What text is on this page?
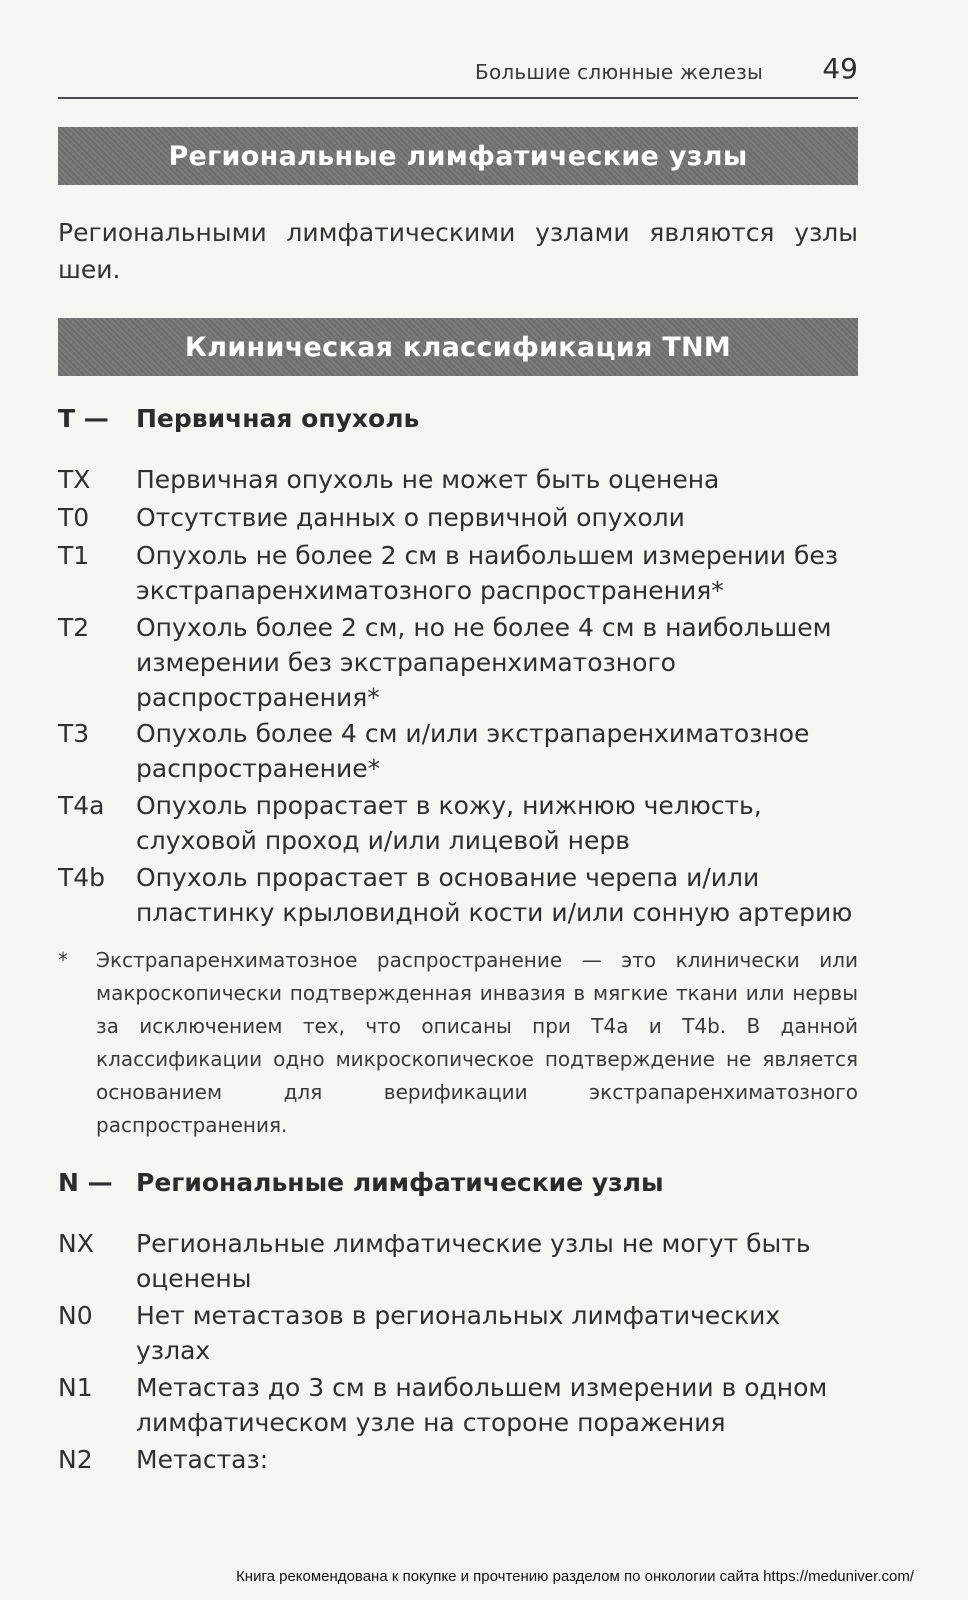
Большие слюнные железы 49
Региональные лимфатические узлы
Региональными лимфатическими узлами являются узлы шеи.
Клиническая классификация TNM
T — Первичная опухоль
TX Первичная опухоль не может быть оценена
T0 Отсутствие данных о первичной опухоли
T1 Опухоль не более 2 см в наибольшем измерении без экстрапаренхиматозного распространения*
T2 Опухоль более 2 см, но не более 4 см в наибольшем измерении без экстрапаренхиматозного распространения*
T3 Опухоль более 4 см и/или экстрапаренхиматозное распространение*
T4a Опухоль прорастает в кожу, нижнюю челюсть, слуховой проход и/или лицевой нерв
T4b Опухоль прорастает в основание черепа и/или пластинку крыловидной кости и/или сонную артерию
* Экстрапаренхиматозное распространение — это клинически или макроскопически подтвержденная инвазия в мягкие ткани или нервы за исключением тех, что описаны при T4a и T4b. В данной классификации одно микроскопическое подтверждение не является основанием для верификации экстрапаренхиматозного распространения.
N — Региональные лимфатические узлы
NX Региональные лимфатические узлы не могут быть оценены
N0 Нет метастазов в региональных лимфатических узлах
N1 Метастаз до 3 см в наибольшем измерении в одном лимфатическом узле на стороне поражения
N2 Метастаз:
Книга рекомендована к покупке и прочтению разделом по онкологии сайта https://meduniver.com/
